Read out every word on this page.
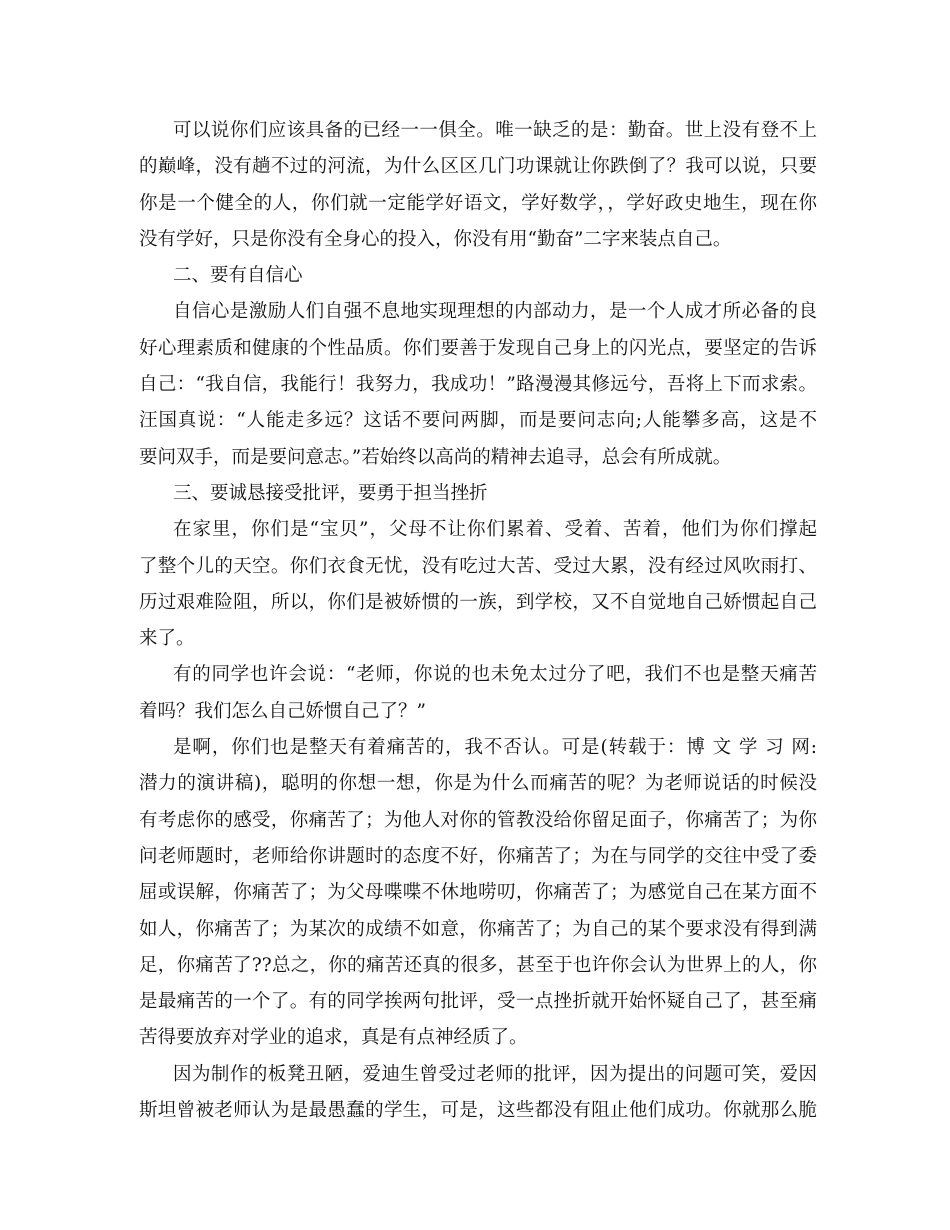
可以说你们应该具备的已经一一俱全。唯一缺乏的是：勤奋。世上没有登不上
的巅峰，没有趟不过的河流，为什么区区几门功课就让你跌倒了？我可以说，只要
你是一个健全的人，你们就一定能学好语文，学好数学，，学好政史地生，现在你
没有学好，只是你没有全身心的投入，你没有用“勤奋”二字来装点自己。
二、要有自信心
自信心是激励人们自强不息地实现理想的内部动力，是一个人成才所必备的良
好心理素质和健康的个性品质。你们要善于发现自己身上的闪光点，要坚定的告诉
自己：“我自信，我能行！我努力，我成功！”路漫漫其修远兮，吾将上下而求索。
汪国真说：“人能走多远？这话不要问两脚，而是要问志向;人能攀多高，这是不
要问双手，而是要问意志。”若始终以高尚的精神去追寻，总会有所成就。
三、要诚恳接受批评，要勇于担当挫折
在家里，你们是“宝贝”，父母不让你们累着、受着、苦着，他们为你们撑起
了整个儿的天空。你们衣食无忧，没有吃过大苦、受过大累，没有经过风吹雨打、
历过艰难险阻，所以，你们是被娇惯的一族，到学校，又不自觉地自己娇惯起自己
来了。
有的同学也许会说：“老师，你说的也未免太过分了吧，我们不也是整天痛苦
着吗？我们怎么自己娇惯自己了？”
是啊，你们也是整天有着痛苦的，我不否认。可是(转载于：博 文 学 习 网:
潜力的演讲稿)，聪明的你想一想，你是为什么而痛苦的呢？为老师说话的时候没
有考虑你的感受，你痛苦了；为他人对你的管教没给你留足面子，你痛苦了；为你
问老师题时，老师给你讲题时的态度不好，你痛苦了；为在与同学的交往中受了委
屈或误解，你痛苦了；为父母喋喋不休地唠叨，你痛苦了；为感觉自己在某方面不
如人，你痛苦了；为某次的成绩不如意，你痛苦了；为自己的某个要求没有得到满
足，你痛苦了??总之，你的痛苦还真的很多，甚至于也许你会认为世界上的人，你
是最痛苦的一个了。有的同学挨两句批评，受一点挫折就开始怀疑自己了，甚至痛
苦得要放弃对学业的追求，真是有点神经质了。
因为制作的板凳丑陋，爱迪生曾受过老师的批评，因为提出的问题可笑，爱因
斯坦曾被老师认为是最愚蠢的学生，可是，这些都没有阻止他们成功。你就那么脆
